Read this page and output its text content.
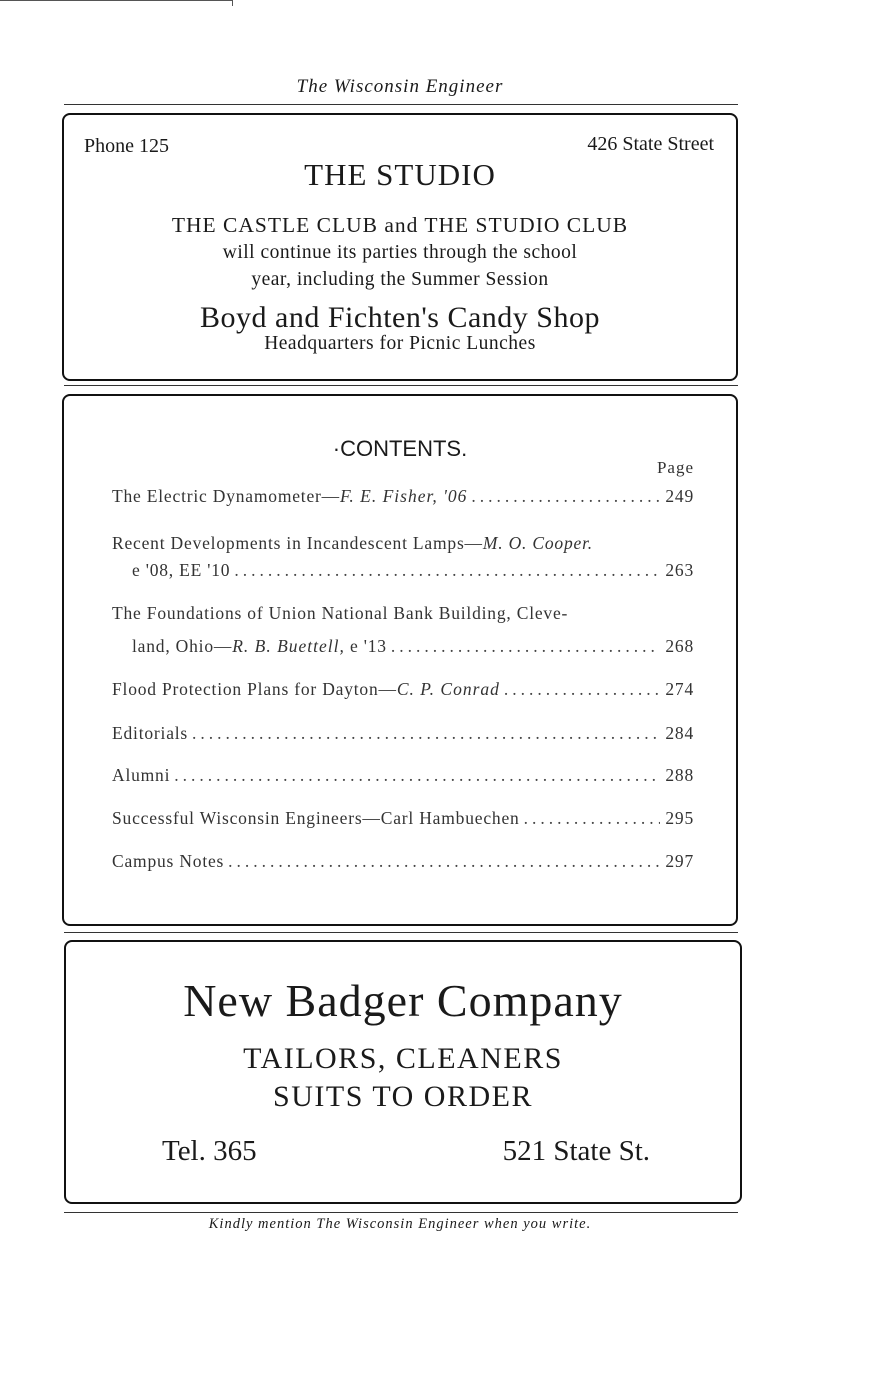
The Wisconsin Engineer
Phone 125	426 State Street
THE STUDIO
THE CASTLE CLUB and THE STUDIO CLUB
will continue its parties through the school
year, including the Summer Session
Boyd and Fichten's Candy Shop
Headquarters for Picnic Lunches
·CONTENTS.
Page
The Electric Dynamometer—F. E. Fisher, '06 .....	249
Recent Developments in Incandescent Lamps—M. O. Cooper.
e '08, EE '10 .....	263
The Foundations of Union National Bank Building, Cleve-
land, Ohio—R. B. Buettell, e '13 .....	268
Flood Protection Plans for Dayton—C. P. Conrad .....	274
Editorials .....	284
Alumni .....	288
Successful Wisconsin Engineers—Carl Hambuechen .....	295
Campus Notes .....	297
New Badger Company
TAILORS, CLEANERS
SUITS TO ORDER
Tel. 365	521 State St.
Kindly mention The Wisconsin Engineer when you write.
